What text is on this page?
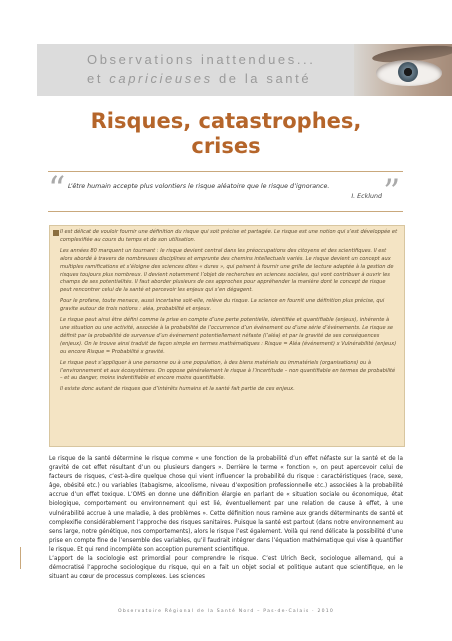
Observations inattendues...
et capricieuses de la santé
Risques, catastrophes,
crises
“ L’être humain accepte plus volontiers le risque aléatoire que le risque d’ignorance.
I. Ecklund ”

Il est délicat de vouloir fournir une définition du risque qui soit précise et partagée. Le risque est une notion qui s’est développée et complexifiée au cours du temps et de son utilisation.

Les années 80 marquent un tournant : le risque devient central dans les préoccupations des citoyens et des scientifiques. Il est alors abordé à travers de nombreuses disciplines et emprunte des chemins intellectuels variés. Le risque devient un concept aux multiples ramifications et s’éloigne des sciences dites « dures », qui peinent à fournir une grille de lecture adaptée à la gestion de risques toujours plus nombreux. Il devient notamment l’objet de recherches en sciences sociales, qui vont contribuer à ouvrir les champs de ses potentialités. Il faut aborder plusieurs de ces approches pour appréhender la manière dont le concept de risque peut rencontrer celui de la santé et percevoir les enjeux qui s’en dégagent.

Pour le profane, toute menace, aussi incertaine soit-elle, relève du risque. La science en fournit une définition plus précise, qui gravite autour de trois notions : aléa, probabilité et enjeux.

Le risque peut ainsi être défini comme la prise en compte d’une perte potentielle, identifiée et quantifiable (enjeux), inhérente à une situation ou une activité, associée à la probabilité de l’occurrence d’un événement ou d’une série d’événements. Le risque se définit par la probabilité de survenue d’un événement potentiellement néfaste (l’aléa) et par la gravité de ses conséquences (enjeux). On le trouve ainsi traduit de façon simple en termes mathématiques : Risque = Aléa (événement) x Vulnérabilité (enjeux) ou encore Risque = Probabilité x gravité.

Le risque peut s’appliquer à une personne ou à une population, à des biens matériels ou immatériels (organisations) ou à l’environnement et aux écosystèmes. On oppose généralement le risque à l’incertitude – non quantifiable en termes de probabilité – et au danger, moins indentifiable et encore moins quantifiable.

Il existe donc autant de risques que d’intérêts humains et la santé fait partie de ces enjeux.

Le risque de la santé détermine le risque comme « une fonction de la probabilité d’un effet néfaste sur la santé et de la gravité de cet effet résultant d’un ou plusieurs dangers ». Derrière le terme « fonction », on peut apercevoir celui de facteurs de risques, c’est-à-dire quelque chose qui vient influencer la probabilité du risque : caractéristiques (race, sexe, âge, obésité etc.) ou variables (tabagisme, alcoolisme, niveau d’exposition professionnelle etc.) associées à la probabilité accrue d’un effet toxique. L’OMS en donne une définition élargie en parlant de « situation sociale ou économique, état biologique, comportement ou environnement qui est lié, éventuellement par une relation de cause à effet, à une vulnérabilité accrue à une maladie, à des problèmes ». Cette définition nous ramène aux grands déterminants de santé et complexifie considérablement l’approche des risques sanitaires. Puisque la santé est partout (dans notre environnement au sens large, notre génétique, nos comportements), alors le risque l’est également. Voilà qui rend délicate la possibilité d’une prise en compte fine de l’ensemble des variables, qu’il faudrait intégrer dans l’équation mathématique qui vise à quantifier le risque. Et qui rend incomplète son acception purement scientifique.

L’apport de la sociologie est primordial pour comprendre le risque. C’est Ulrich Beck, sociologue allemand, qui a démocratisé l’approche sociologique du risque, qui en a fait un objet social et politique autant que scientifique, en le situant au cœur de processus complexes. Les sciences

Observatoire Régional de la Santé Nord – Pas-de-Calais · 2010
